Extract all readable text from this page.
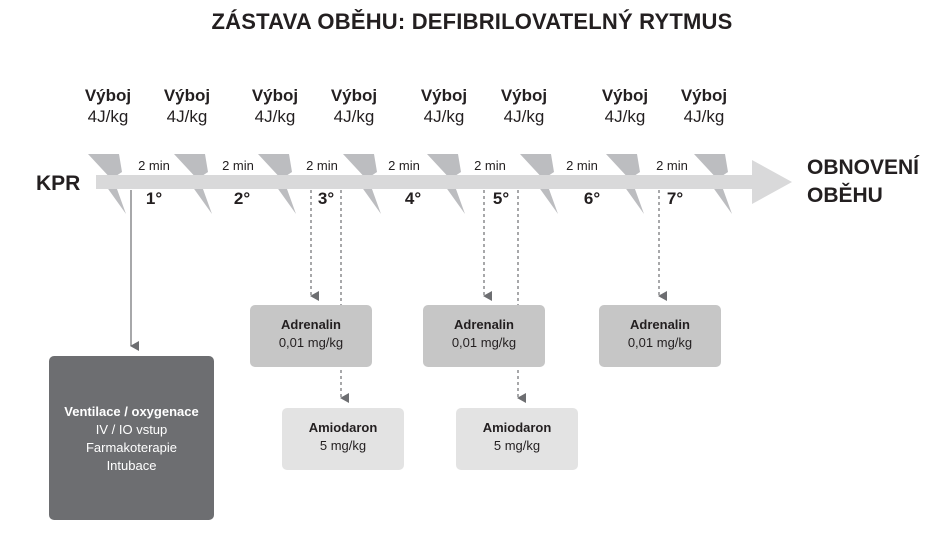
ZÁSTAVA OBĚHU: DEFIBRILOVATELNÝ RYTMUS
Výboj
4J/kg
Výboj
4J/kg
Výboj
4J/kg
Výboj
4J/kg
Výboj
4J/kg
Výboj
4J/kg
Výboj
4J/kg
Výboj
4J/kg
KPR
OBNOVENÍ
OBĚHU
2 min	2 min	2 min	2 min	2 min	2 min	2 min
1°	2°	3°	4°	5°	6°	7°
Adrenalin
0,01 mg/kg
Adrenalin
0,01 mg/kg
Adrenalin
0,01 mg/kg
Amiodaron
5 mg/kg
Amiodaron
5 mg/kg
Ventilace / oxygenace
IV / IO vstup
Farmakoterapie
Intubace
